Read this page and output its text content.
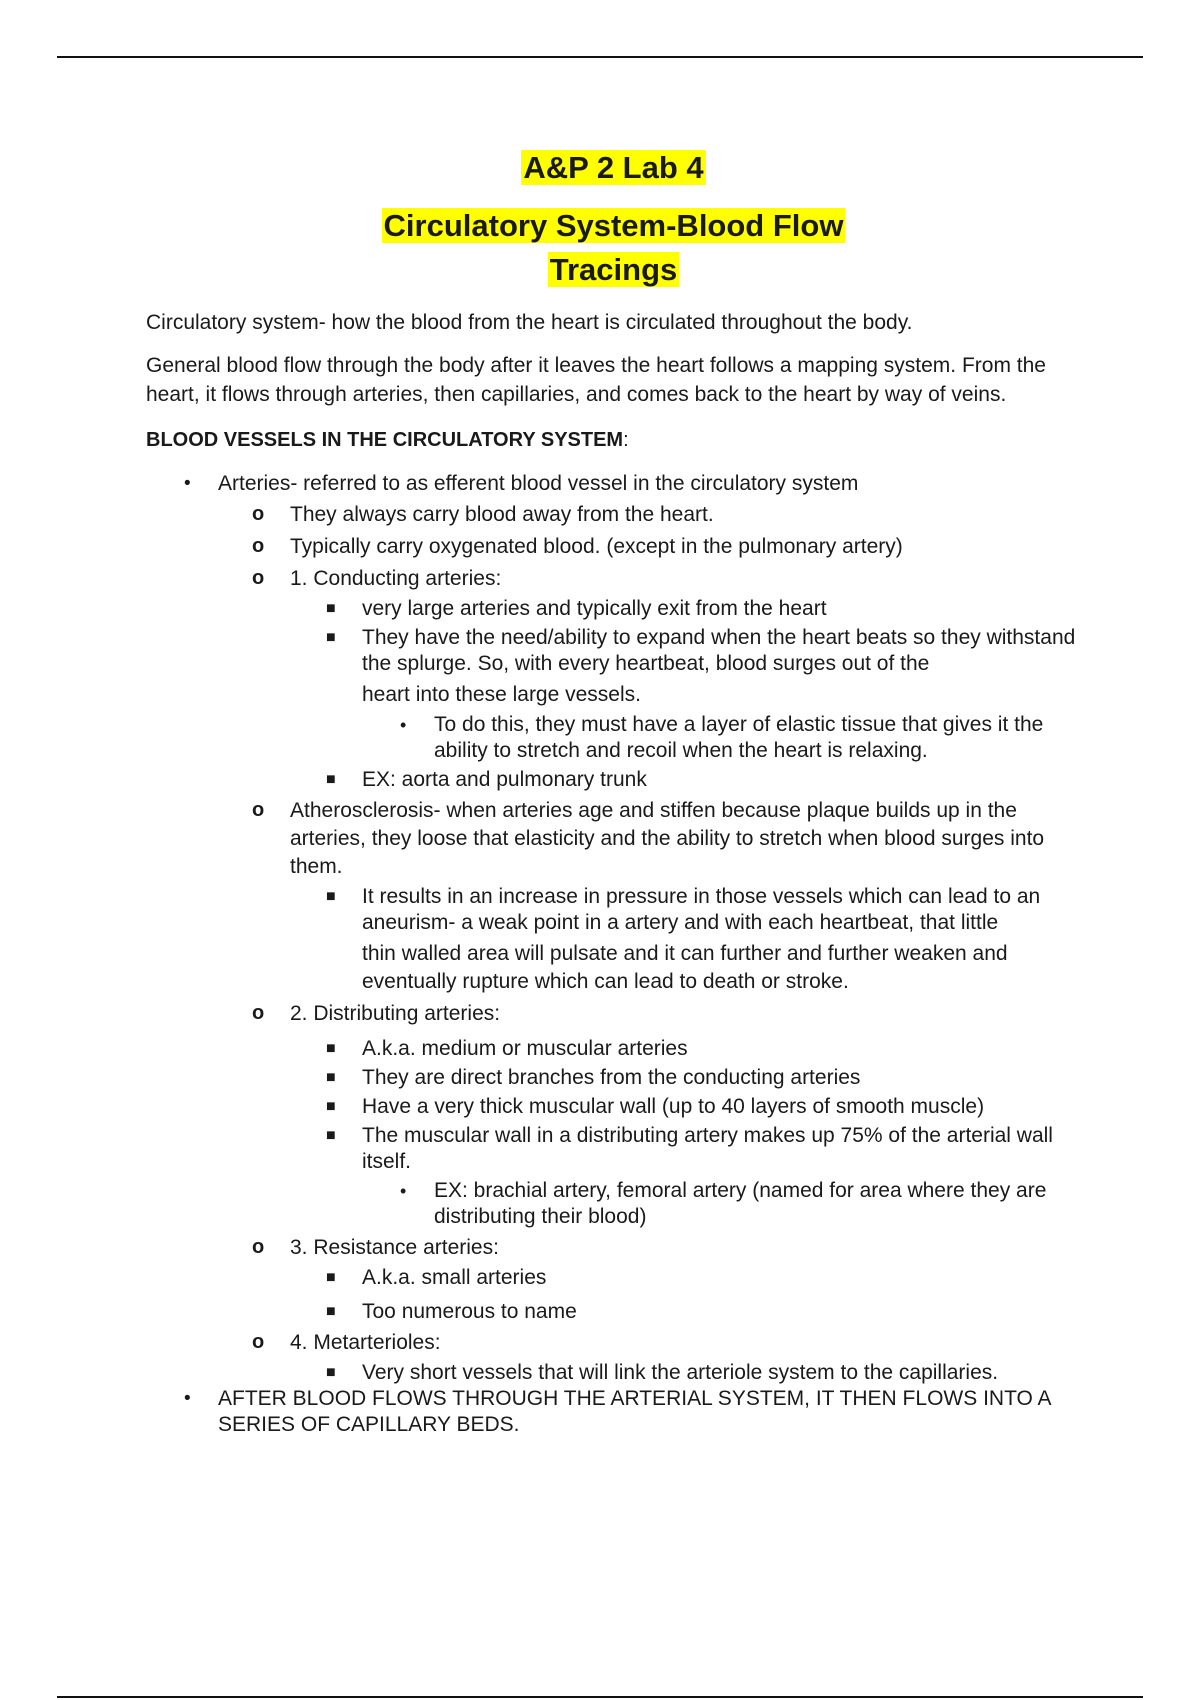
A&P 2 Lab 4
Circulatory System-Blood Flow
Tracings

Circulatory system- how the blood from the heart is circulated throughout the body.

General blood flow through the body after it leaves the heart follows a mapping system. From the heart, it flows through arteries, then capillaries, and comes back to the heart by way of veins.

BLOOD VESSELS IN THE CIRCULATORY SYSTEM:

• Arteries- referred to as efferent blood vessel in the circulatory system
o They always carry blood away from the heart.
o Typically carry oxygenated blood. (except in the pulmonary artery)
o 1. Conducting arteries:
■ very large arteries and typically exit from the heart
■ They have the need/ability to expand when the heart beats so they withstand the splurge. So, with every heartbeat, blood surges out of the
heart into these large vessels.
• To do this, they must have a layer of elastic tissue that gives it the ability to stretch and recoil when the heart is relaxing.
■ EX: aorta and pulmonary trunk
o Atherosclerosis- when arteries age and stiffen because plaque builds up in the arteries, they loose that elasticity and the ability to stretch when blood surges into them.
■ It results in an increase in pressure in those vessels which can lead to an aneurism- a weak point in a artery and with each heartbeat, that little
thin walled area will pulsate and it can further and further weaken and eventually rupture which can lead to death or stroke.
o 2. Distributing arteries:
■ A.k.a. medium or muscular arteries
■ They are direct branches from the conducting arteries
■ Have a very thick muscular wall (up to 40 layers of smooth muscle)
■ The muscular wall in a distributing artery makes up 75% of the arterial wall itself.
• EX: brachial artery, femoral artery (named for area where they are distributing their blood)
o 3. Resistance arteries:
■ A.k.a. small arteries
■ Too numerous to name
o 4. Metarterioles:
■ Very short vessels that will link the arteriole system to the capillaries.
• AFTER BLOOD FLOWS THROUGH THE ARTERIAL SYSTEM, IT THEN FLOWS INTO A SERIES OF CAPILLARY BEDS.
